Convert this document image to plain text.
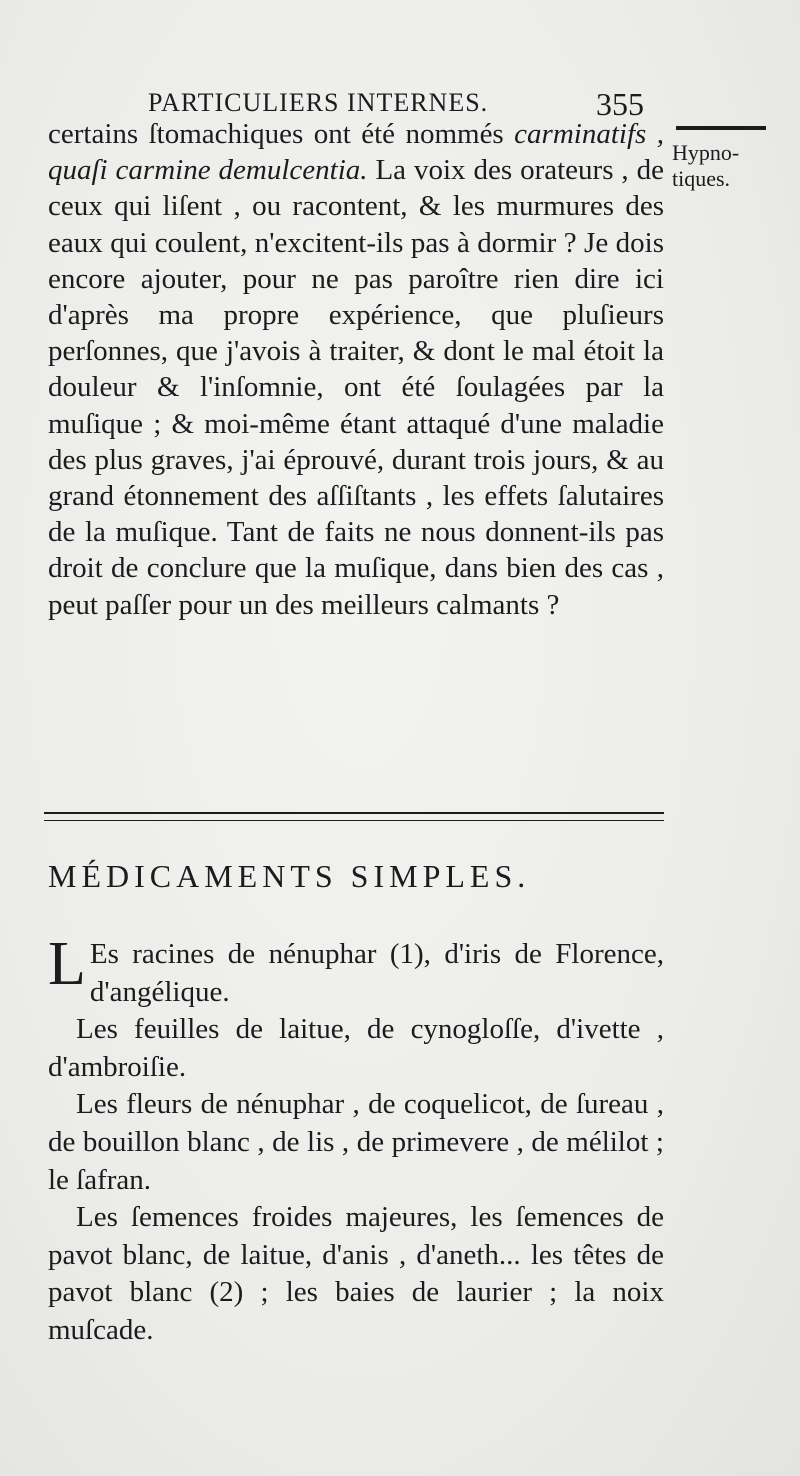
PARTICULIERS INTERNES.	355
Hypno-tiques.
certains ſtomachiques ont été nommés carminatifs , quaſi carmine demulcentia. La voix des orateurs , de ceux qui liſent , ou racontent, & les murmures des eaux qui coulent, n'excitent-ils pas à dormir ? Je dois encore ajouter, pour ne pas paroître rien dire ici d'après ma propre expérience, que pluſieurs perſonnes, que j'avois à traiter, & dont le mal étoit la douleur & l'inſomnie, ont été ſoulagées par la muſique ; & moi-même étant attaqué d'une maladie des plus graves, j'ai éprouvé, durant trois jours, & au grand étonnement des aſſiſtants , les effets ſalutaires de la muſique. Tant de faits ne nous donnent-ils pas droit de conclure que la muſique, dans bien des cas , peut paſſer pour un des meilleurs calmants ?
MÉDICAMENTS SIMPLES.

L Es racines de nénuphar (1), d'iris de Florence, d'angélique.

Les feuilles de laitue, de cynogloſſe, d'ivette , d'ambroiſie.

Les fleurs de nénuphar , de coquelicot, de ſureau , de bouillon blanc , de lis , de primevere , de mélilot ; le ſafran.

Les ſemences froides majeures, les ſemences de pavot blanc, de laitue, d'anis , d'aneth... les têtes de pavot blanc (2) ; les baies de laurier ; la noix muſcade.
